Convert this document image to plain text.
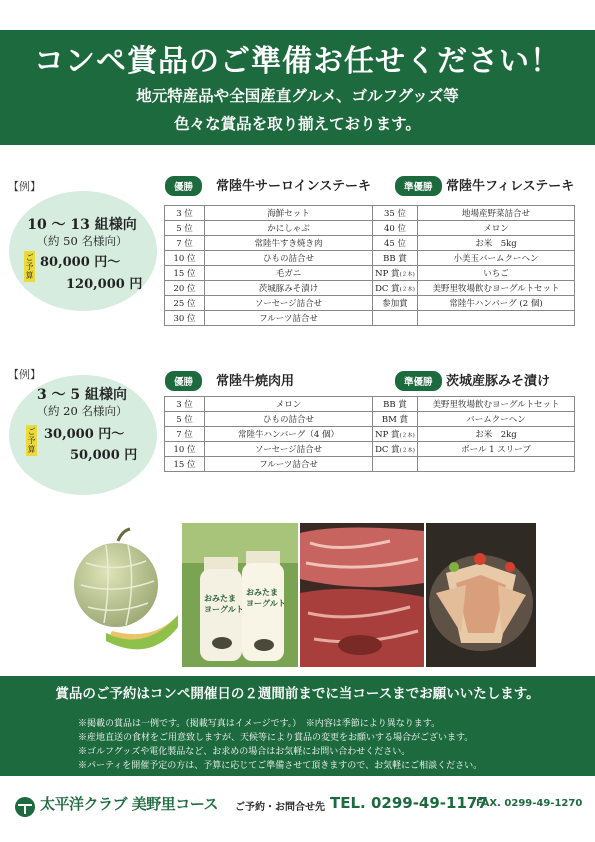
コンペ賞品のご準備お任せください！
地元特産品や全国産直グルメ、ゴルフグッズ等
色々な賞品を取り揃えております。
【例】
10 ～ 13 組様向
（約 50 名様向）
ご予算
80,000 円～
120,000 円
優勝	常陸牛サーロインステーキ	準優勝	常陸牛フィレステーキ
3 位	海鮮セット	35 位	地場産野菜詰合せ
5 位	かにしゃぶ	40 位	メロン
7 位	常陸牛すき焼き肉	45 位	お米　5kg
10 位	ひもの詰合せ	BB 賞	小美玉バームクーヘン
15 位	毛ガニ	NP 賞(２本)	いちご
20 位	茨城豚みそ漬け	DC 賞(２本)	美野里牧場飲むヨーグルトセット
25 位	ソーセージ詰合せ	参加賞	常陸牛ハンバーグ (2 個)
30 位	フルーツ詰合せ		
【例】
3 ～ 5 組様向
（約 20 名様向）
ご予算
30,000 円～
50,000 円
優勝	常陸牛焼肉用	準優勝	茨城産豚みそ漬け
3 位	メロン	BB 賞	美野里牧場飲むヨーグルトセット
5 位	ひもの詰合せ	BM 賞	バームクーヘン
7 位	常陸牛ハンバーグ（4 個）	NP 賞(２本)	お米　2kg
10 位	ソーセージ詰合せ	DC 賞(２本)	ボール 1 スリーブ
15 位	フルーツ詰合せ		
おみたま
ヨーグルト
おみたま
ヨーグルト
賞品のご予約はコンペ開催日の２週間前までに当コースまでお願いいたします。
※掲載の賞品は一例です。（掲載写真はイメージです。）　※内容は季節により異なります。
※産地直送の食材をご用意致しますが、天候等により賞品の変更をお願いする場合がございます。
※ゴルフグッズや電化製品など、お求めの場合はお気軽にお問い合わせください。
※パーティを開催予定の方は、予算に応じてご準備させて頂きますので、お気軽にご相談ください。
太平洋クラブ 美野里コース ご予約・お問合せ先 TEL. 0299-49-1177
FAX. 0299-49-1270
